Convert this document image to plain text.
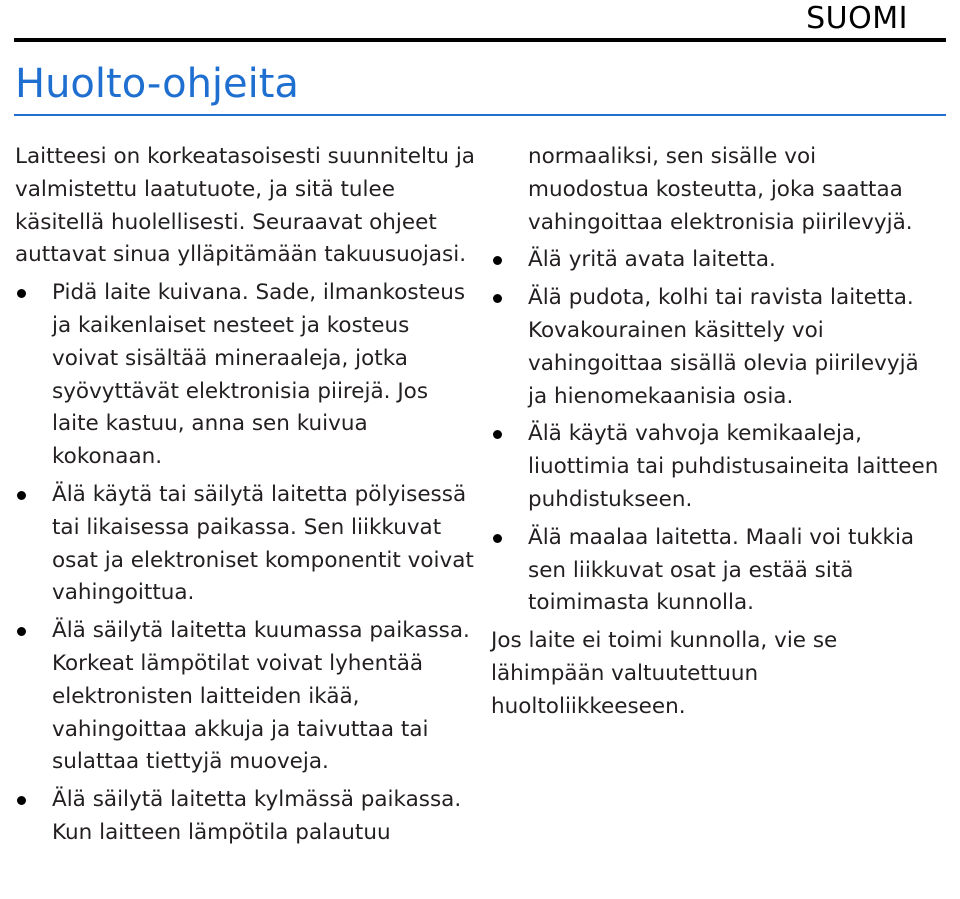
SUOMI
Huolto-ohjeita

Laitteesi on korkeatasoisesti suunniteltu ja valmistettu laatutuote, ja sitä tulee käsitellä huolellisesti. Seuraavat ohjeet auttavat sinua ylläpitämään takuusuojasi.

Pidä laite kuivana. Sade, ilmankosteus ja kaikenlaiset nesteet ja kosteus voivat sisältää mineraaleja, jotka syövyttävät elektronisia piirejä. Jos laite kastuu, anna sen kuivua kokonaan.
Älä käytä tai säilytä laitetta pölyisessä tai likaisessa paikassa. Sen liikkuvat osat ja elektroniset komponentit voivat vahingoittua.
Älä säilytä laitetta kuumassa paikassa. Korkeat lämpötilat voivat lyhentää elektronisten laitteiden ikää, vahingoittaa akkuja ja taivuttaa tai sulattaa tiettyjä muoveja.
Älä säilytä laitetta kylmässä paikassa. Kun laitteen lämpötila palautuu

normaaliksi, sen sisälle voi muodostua kosteutta, joka saattaa vahingoittaa elektronisia piirilevyjä.

Älä yritä avata laitetta.
Älä pudota, kolhi tai ravista laitetta. Kovakourainen käsittely voi vahingoittaa sisällä olevia piirilevyjä ja hienomekaanisia osia.
Älä käytä vahvoja kemikaaleja, liuottimia tai puhdistusaineita laitteen puhdistukseen.
Älä maalaa laitetta. Maali voi tukkia sen liikkuvat osat ja estää sitä toimimasta kunnolla.

Jos laite ei toimi kunnolla, vie se lähimpään valtuutettuun huoltoliikkeeseen.
